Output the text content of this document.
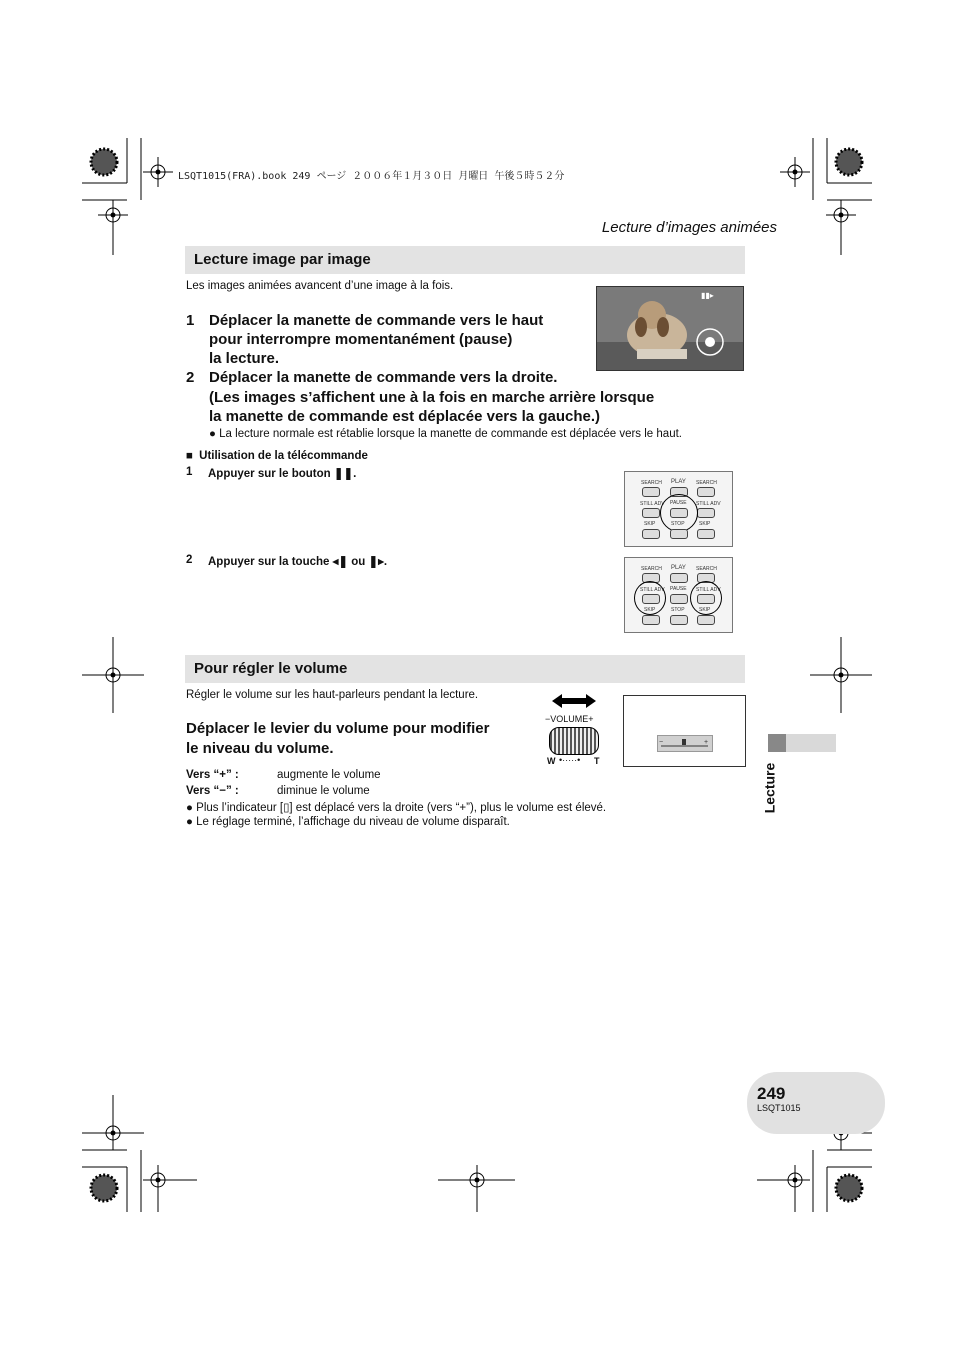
LSQT1015(FRA).book 249 ページ ２００６年１月３０日 月曜日 午後５時５２分
Lecture d’images animées
Lecture image par image
Les images animées avancent d’une image à la fois.
▮▮▸
1 Déplacer la manette de commande vers le haut
pour interrompre momentanément (pause)
la lecture.
2 Déplacer la manette de commande vers la droite.
(Les images s’affichent une à la fois en marche arrière lorsque
la manette de commande est déplacée vers la gauche.)
● La lecture normale est rétablie lorsque la manette de commande est déplacée vers le haut.
■ Utilisation de la télécommande
1 Appuyer sur le bouton ❚❚.
2 Appuyer sur la touche ◂❚ ou ❚▸.
SEARCH PLAY SEARCH
STILL ADV PAUSE STILL ADV
SKIP	STOP	SKIP
SEARCH PLAY SEARCH
STILL ADV PAUSE STILL ADV
SKIP	STOP	SKIP
Pour régler le volume
Régler le volume sur les haut-parleurs pendant la lecture.
Déplacer le levier du volume pour modifier
le niveau du volume.
−VOLUME+
W •·····• T
−	+
Vers “+” :	augmente le volume
Vers “−” :	diminue le volume
● Plus l’indicateur [▯] est déplacé vers la droite (vers “+”), plus le volume est élevé.
● Le réglage terminé, l’affichage du niveau de volume disparaît.
Lecture
249
LSQT1015
